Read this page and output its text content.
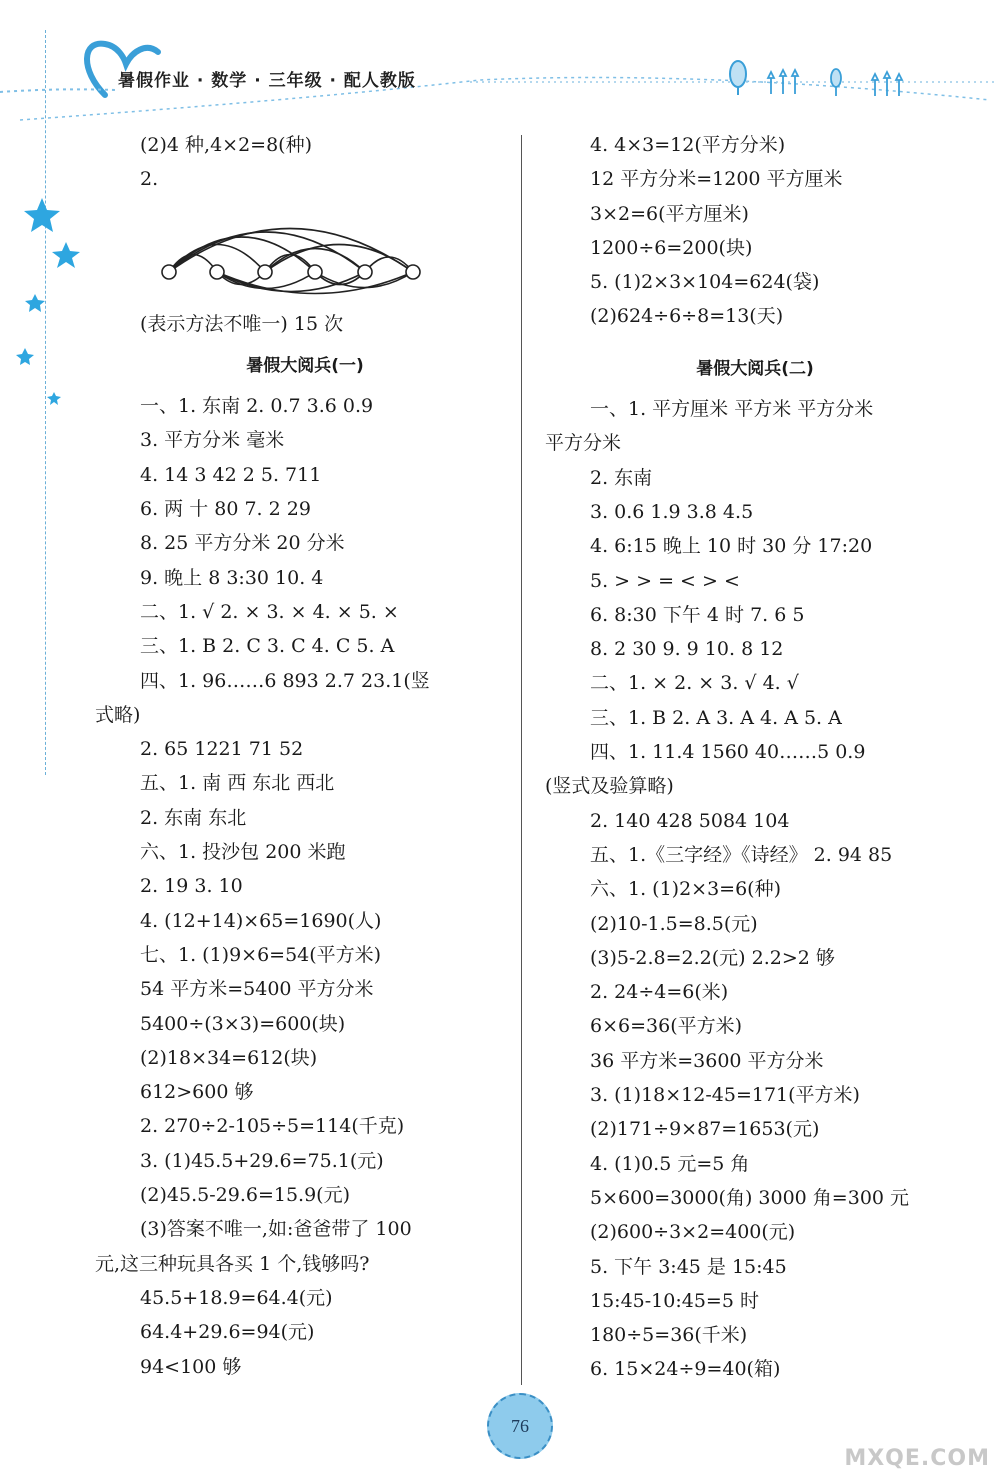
暑假作业 · 数学 · 三年级 · 配人教版
(2)4 种,4×2=8(种)
2.
(表示方法不唯一) 15 次
暑假大阅兵(一)
一、1. 东南 2. 0.7 3.6 0.9
3. 平方分米 毫米
4. 14 3 42 2 5. 711
6. 两 十 80 7. 2 29
8. 25 平方分米 20 分米
9. 晚上 8 3:30 10. 4
二、1. √ 2. × 3. × 4. × 5. ×
三、1. B 2. C 3. C 4. C 5. A
四、1. 96……6 893 2.7 23.1(竖
式略)
2. 65 1221 71 52
五、1. 南 西 东北 西北
2. 东南 东北
六、1. 投沙包 200 米跑
2. 19 3. 10
4. (12+14)×65=1690(人)
七、1. (1)9×6=54(平方米)
54 平方米=5400 平方分米
5400÷(3×3)=600(块)
(2)18×34=612(块)
612>600 够
2. 270÷2-105÷5=114(千克)
3. (1)45.5+29.6=75.1(元)
(2)45.5-29.6=15.9(元)
(3)答案不唯一,如:爸爸带了 100
元,这三种玩具各买 1 个,钱够吗?
45.5+18.9=64.4(元)
64.4+29.6=94(元)
94<100 够
4. 4×3=12(平方分米)
12 平方分米=1200 平方厘米
3×2=6(平方厘米)
1200÷6=200(块)
5. (1)2×3×104=624(袋)
(2)624÷6÷8=13(天)
暑假大阅兵(二)
一、1. 平方厘米 平方米 平方分米
平方分米
2. 东南
3. 0.6 1.9 3.8 4.5
4. 6:15 晚上 10 时 30 分 17:20
5. > > = < > <
6. 8:30 下午 4 时 7. 6 5
8. 2 30 9. 9 10. 8 12
二、1. × 2. × 3. √ 4. √
三、1. B 2. A 3. A 4. A 5. A
四、1. 11.4 1560 40……5 0.9
(竖式及验算略)
2. 140 428 5084 104
五、1.《三字经》《诗经》 2. 94 85
六、1. (1)2×3=6(种)
(2)10-1.5=8.5(元)
(3)5-2.8=2.2(元) 2.2>2 够
2. 24÷4=6(米)
6×6=36(平方米)
36 平方米=3600 平方分米
3. (1)18×12-45=171(平方米)
(2)171÷9×87=1653(元)
4. (1)0.5 元=5 角
5×600=3000(角) 3000 角=300 元
(2)600÷3×2=400(元)
5. 下午 3:45 是 15:45
15:45-10:45=5 时
180÷5=36(千米)
6. 15×24÷9=40(箱)
76
MXQE.COM
